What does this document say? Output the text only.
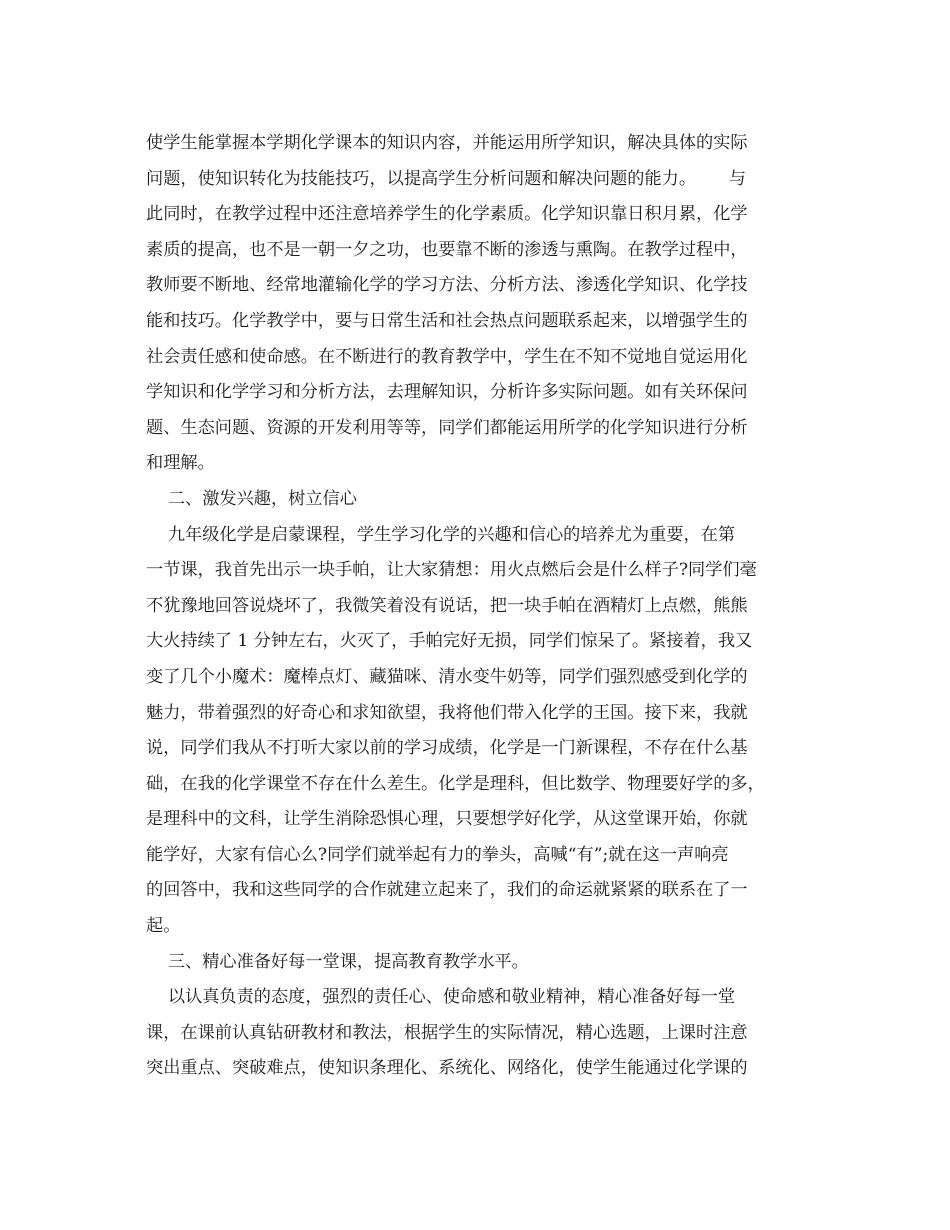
使学生能掌握本学期化学课本的知识内容，并能运用所学知识，解决具体的实际
问题，使知识转化为技能技巧，以提高学生分析问题和解决问题的能力。      与
此同时，在教学过程中还注意培养学生的化学素质。化学知识靠日积月累，化学
素质的提高，也不是一朝一夕之功，也要靠不断的渗透与熏陶。在教学过程中，
教师要不断地、经常地灌输化学的学习方法、分析方法、渗透化学知识、化学技
能和技巧。化学教学中，要与日常生活和社会热点问题联系起来，以增强学生的
社会责任感和使命感。在不断进行的教育教学中，学生在不知不觉地自觉运用化
学知识和化学学习和分析方法，去理解知识，分析许多实际问题。如有关环保问
题、生态问题、资源的开发利用等等，同学们都能运用所学的化学知识进行分析
和理解。
二、激发兴趣，树立信心
九年级化学是启蒙课程，学生学习化学的兴趣和信心的培养尤为重要，在第
一节课，我首先出示一块手帕，让大家猜想：用火点燃后会是什么样子?同学们毫
不犹豫地回答说烧坏了，我微笑着没有说话，把一块手帕在酒精灯上点燃，熊熊
大火持续了 1 分钟左右，火灭了，手帕完好无损，同学们惊呆了。紧接着，我又
变了几个小魔术：魔棒点灯、藏猫咪、清水变牛奶等，同学们强烈感受到化学的
魅力，带着强烈的好奇心和求知欲望，我将他们带入化学的王国。接下来，我就
说，同学们我从不打听大家以前的学习成绩，化学是一门新课程，不存在什么基
础，在我的化学课堂不存在什么差生。化学是理科，但比数学、物理要好学的多，
是理科中的文科，让学生消除恐惧心理，只要想学好化学，从这堂课开始，你就
能学好，大家有信心么?同学们就举起有力的拳头，高喊“有”;就在这一声响亮
的回答中，我和这些同学的合作就建立起来了，我们的命运就紧紧的联系在了一
起。
三、精心准备好每一堂课，提高教育教学水平。
以认真负责的态度，强烈的责任心、使命感和敬业精神，精心准备好每一堂
课，在课前认真钻研教材和教法，根据学生的实际情况，精心选题，上课时注意
突出重点、突破难点，使知识条理化、系统化、网络化，使学生能通过化学课的
